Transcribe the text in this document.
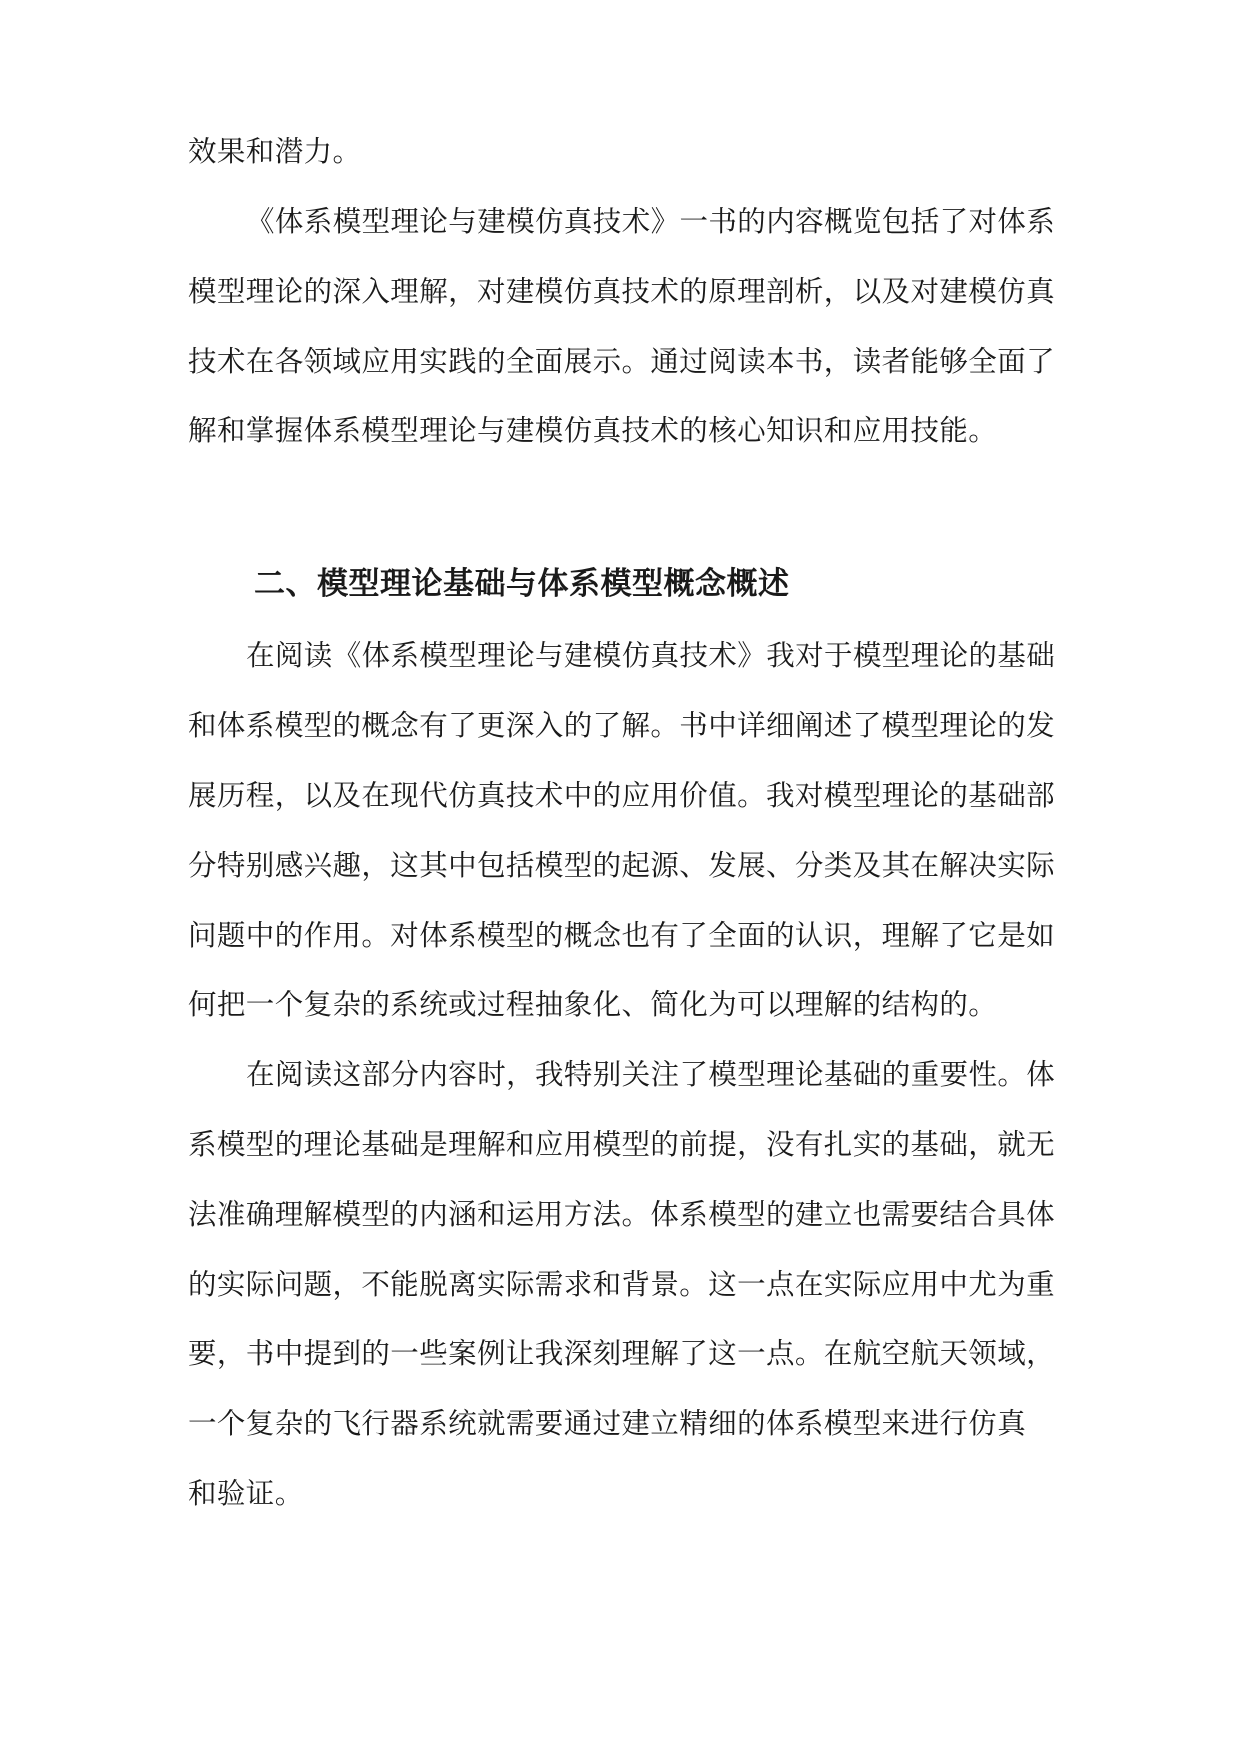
效果和潜力。
《体系模型理论与建模仿真技术》一书的内容概览包括了对体系
模型理论的深入理解，对建模仿真技术的原理剖析，以及对建模仿真
技术在各领域应用实践的全面展示。通过阅读本书，读者能够全面了
解和掌握体系模型理论与建模仿真技术的核心知识和应用技能。
二、模型理论基础与体系模型概念概述
在阅读《体系模型理论与建模仿真技术》我对于模型理论的基础
和体系模型的概念有了更深入的了解。书中详细阐述了模型理论的发
展历程，以及在现代仿真技术中的应用价值。我对模型理论的基础部
分特别感兴趣，这其中包括模型的起源、发展、分类及其在解决实际
问题中的作用。对体系模型的概念也有了全面的认识，理解了它是如
何把一个复杂的系统或过程抽象化、简化为可以理解的结构的。
在阅读这部分内容时，我特别关注了模型理论基础的重要性。体
系模型的理论基础是理解和应用模型的前提，没有扎实的基础，就无
法准确理解模型的内涵和运用方法。体系模型的建立也需要结合具体
的实际问题，不能脱离实际需求和背景。这一点在实际应用中尤为重
要，书中提到的一些案例让我深刻理解了这一点。在航空航天领域，
一个复杂的飞行器系统就需要通过建立精细的体系模型来进行仿真
和验证。
